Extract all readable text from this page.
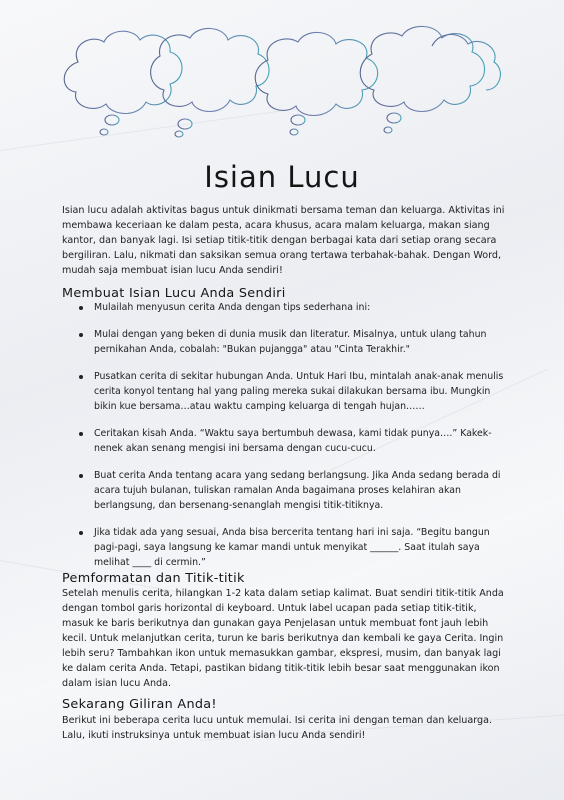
Isian Lucu
Isian lucu adalah aktivitas bagus untuk dinikmati bersama teman dan keluarga. Aktivitas ini membawa keceriaan ke dalam pesta, acara khusus, acara malam keluarga, makan siang kantor, dan banyak lagi. Isi setiap titik-titik dengan berbagai kata dari setiap orang secara bergiliran. Lalu, nikmati dan saksikan semua orang tertawa terbahak-bahak. Dengan Word, mudah saja membuat isian lucu Anda sendiri!
Membuat Isian Lucu Anda Sendiri
Mulailah menyusun cerita Anda dengan tips sederhana ini:
Mulai dengan yang beken di dunia musik dan literatur. Misalnya, untuk ulang tahun pernikahan Anda, cobalah: "Bukan pujangga" atau "Cinta Terakhir."
Pusatkan cerita di sekitar hubungan Anda. Untuk Hari Ibu, mintalah anak-anak menulis cerita konyol tentang hal yang paling mereka sukai dilakukan bersama ibu. Mungkin bikin kue bersama…atau waktu camping keluarga di tengah hujan……
Ceritakan kisah Anda. “Waktu saya bertumbuh dewasa, kami tidak punya….” Kakek-nenek akan senang mengisi ini bersama dengan cucu-cucu.
Buat cerita Anda tentang acara yang sedang berlangsung. Jika Anda sedang berada di acara tujuh bulanan, tuliskan ramalan Anda bagaimana proses kelahiran akan berlangsung, dan bersenang-senanglah mengisi titik-titiknya.
Jika tidak ada yang sesuai, Anda bisa bercerita tentang hari ini saja. “Begitu bangun pagi-pagi, saya langsung ke kamar mandi untuk menyikat ______. Saat itulah saya melihat ____ di cermin.”
Pemformatan dan Titik-titik
Setelah menulis cerita, hilangkan 1-2 kata dalam setiap kalimat. Buat sendiri titik-titik Anda dengan tombol garis horizontal di keyboard. Untuk label ucapan pada setiap titik-titik, masuk ke baris berikutnya dan gunakan gaya Penjelasan untuk membuat font jauh lebih kecil. Untuk melanjutkan cerita, turun ke baris berikutnya dan kembali ke gaya Cerita. Ingin lebih seru? Tambahkan ikon untuk memasukkan gambar, ekspresi, musim, dan banyak lagi ke dalam cerita Anda. Tetapi, pastikan bidang titik-titik lebih besar saat menggunakan ikon dalam isian lucu Anda.
Sekarang Giliran Anda!
Berikut ini beberapa cerita lucu untuk memulai. Isi cerita ini dengan teman dan keluarga. Lalu, ikuti instruksinya untuk membuat isian lucu Anda sendiri!
